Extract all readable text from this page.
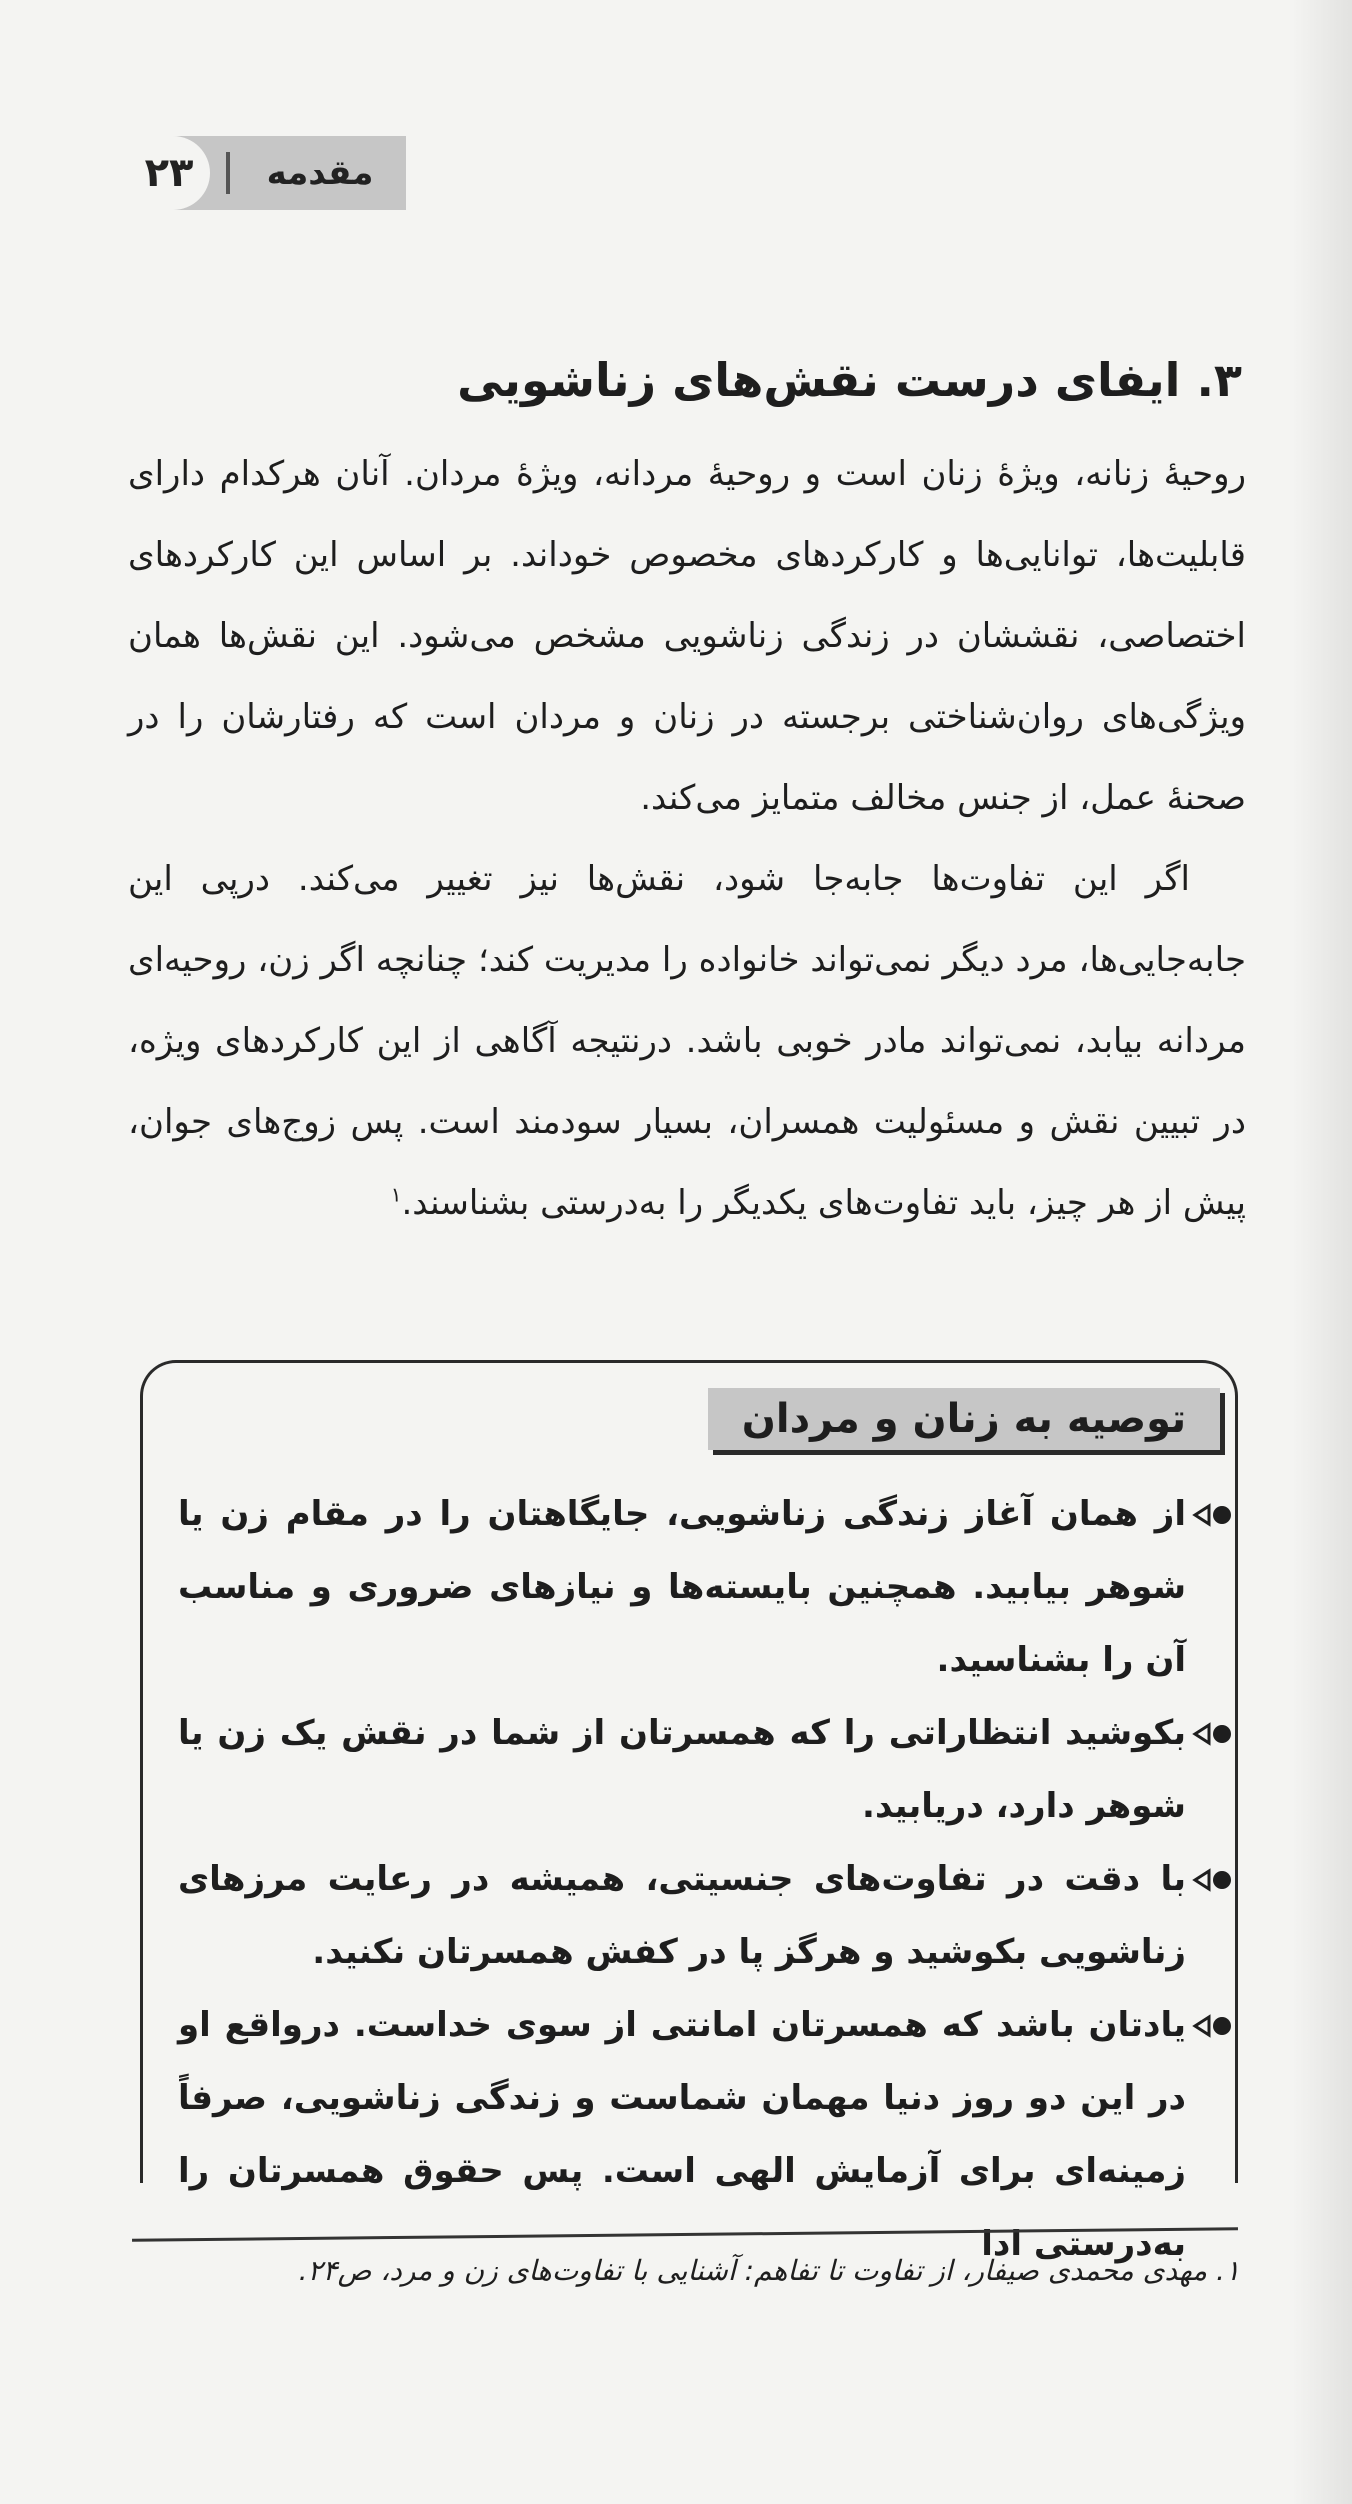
۲۳	مقدمه
۳. ایفای درست نقش‌های زناشویی

روحیهٔ زنانه، ویژهٔ زنان است و روحیهٔ مردانه، ویژهٔ مردان. آنان هرکدام دارای قابلیت‌ها، توانایی‌ها و کارکردهای مخصوص خوداند. بر اساس این کارکردهای اختصاصی، نقششان در زندگی زناشویی مشخص می‌شود. این نقش‌ها همان ویژگی‌های روان‌شناختی برجسته در زنان و مردان است که رفتارشان را در صحنهٔ عمل، از جنس مخالف متمایز می‌کند.

اگر این تفاوت‌ها جابه‌جا شود، نقش‌ها نیز تغییر می‌کند. درپی این جابه‌جایی‌ها، مرد دیگر نمی‌تواند خانواده را مدیریت کند؛ چنانچه اگر زن، روحیه‌ای مردانه بیابد، نمی‌تواند مادر خوبی باشد. درنتیجه آگاهی از این کارکردهای ویژه، در تبیین نقش و مسئولیت همسران، بسیار سودمند است. پس زوج‌های جوان، پیش از هر چیز، باید تفاوت‌های یکدیگر را به‌درستی بشناسند.$^۱$

توصیه به زنان و مردان
از همان آغاز زندگی زناشویی، جایگاهتان را در مقام زن یا شوهر بیابید. همچنین بایسته‌ها و نیازهای ضروری و مناسب آن را بشناسید.
بکوشید انتظاراتی را که همسرتان از شما در نقش یک زن یا شوهر دارد، دریابید.
با دقت در تفاوت‌های جنسیتی، همیشه در رعایت مرزهای زناشویی بکوشید و هرگز پا در کفش همسرتان نکنید.
یادتان باشد که همسرتان امانتی از سوی خداست. درواقع او در این دو روز دنیا مهمان شماست و زندگی زناشویی، صرفاً زمینه‌ای برای آزمایش الهی است. پس حقوق همسرتان را به‌درستی ادا

۱. مهدی محمدی صیفار، از تفاوت تا تفاهم: آشنایی با تفاوت‌های زن و مرد، ص۲۴.
